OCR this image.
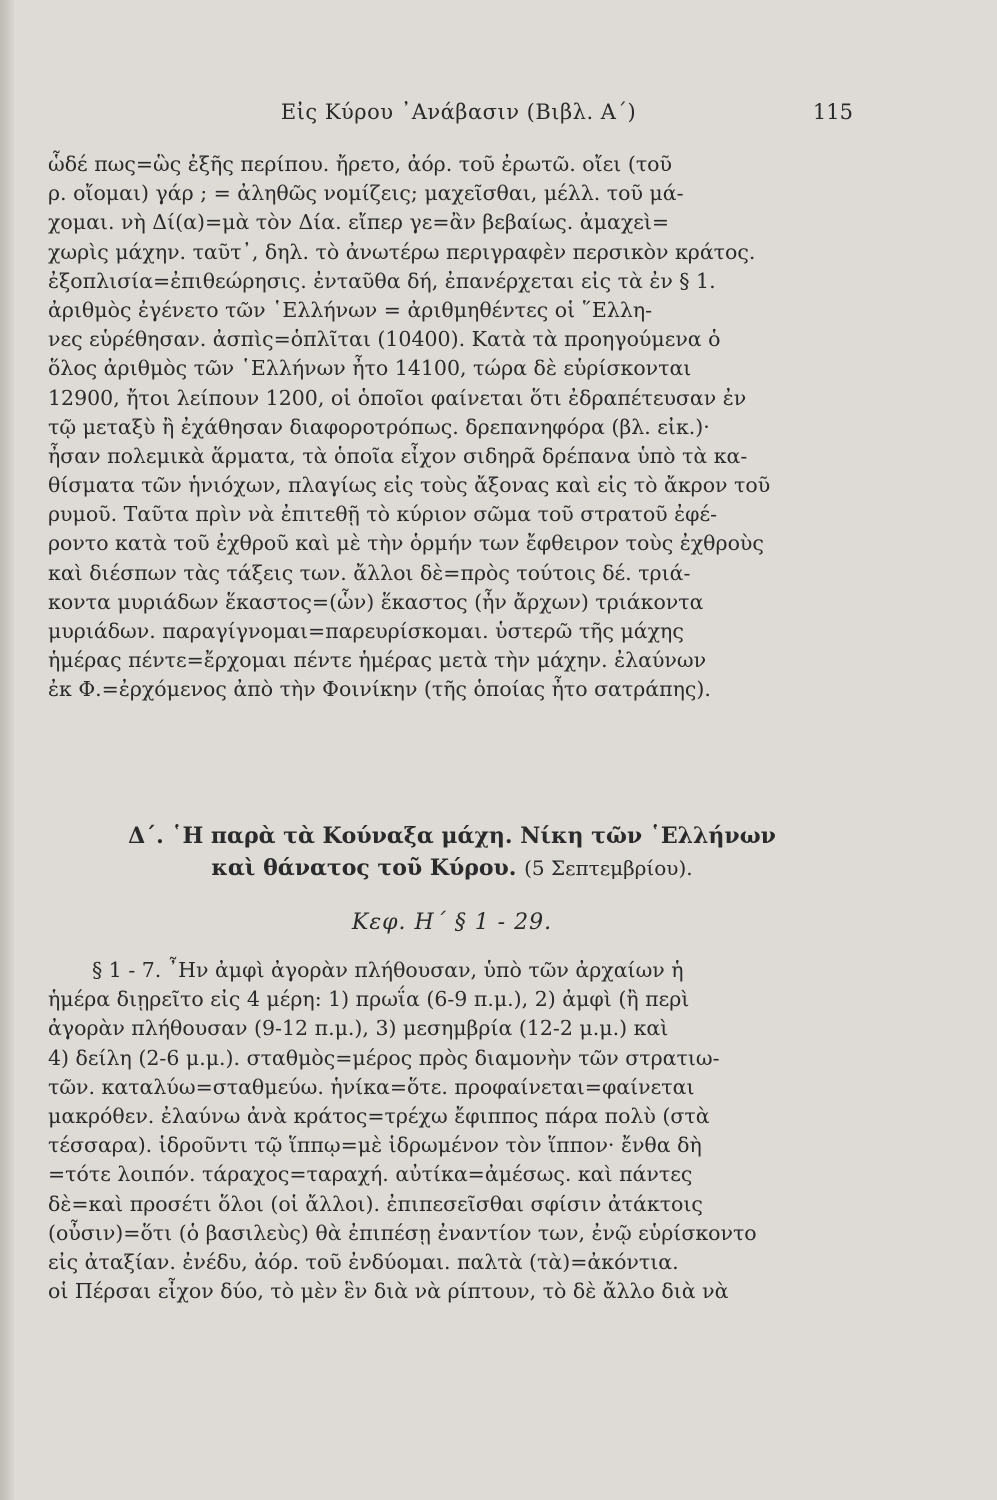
Εἰς Κύρου ᾿Ανάβασιν (Βιβλ. Α΄)	115
ὧδέ πως=ὣς ἐξῆς περίπου. ἤρετο, ἀόρ. τοῦ ἐρωτῶ. οἴει (τοῦ
ρ. οἴομαι) γάρ ; = ἀληθῶς νομίζεις; μαχεῖσθαι, μέλλ. τοῦ μά-
χομαι. νὴ Δί(α)=μὰ τὸν Δία. εἴπερ γε=ἂν βεβαίως. ἀμαχεὶ=
χωρὶς μάχην. ταῦτ᾿, δηλ. τὸ ἀνωτέρω περιγραφὲν περσικὸν κράτος.
ἐξοπλισία=ἐπιθεώρησις. ἐνταῦθα δή, ἐπανέρχεται εἰς τὰ ἐν § 1.
ἀριθμὸς ἐγένετο τῶν ῾Ελλήνων = ἀριθμηθέντες οἱ ῞Ελλη-
νες εὑρέθησαν. ἀσπὶς=ὁπλῖται (10400). Κατὰ τὰ προηγούμενα ὁ
ὅλος ἀριθμὸς τῶν ῾Ελλήνων ἦτο 14100, τώρα δὲ εὑρίσκονται
12900, ἤτοι λείπουν 1200, οἱ ὁποῖοι φαίνεται ὅτι ἐδραπέτευσαν ἐν
τῷ μεταξὺ ἢ ἐχάθησαν διαφοροτρόπως. δρεπανηφόρα (βλ. εἰκ.)·
ἦσαν πολεμικὰ ἅρματα, τὰ ὁποῖα εἶχον σιδηρᾶ δρέπανα ὑπὸ τὰ κα-
θίσματα τῶν ἡνιόχων, πλαγίως εἰς τοὺς ἄξονας καὶ εἰς τὸ ἄκρον τοῦ
ρυμοῦ. Ταῦτα πρὶν νὰ ἐπιτεθῇ τὸ κύριον σῶμα τοῦ στρατοῦ ἐφέ-
ροντο κατὰ τοῦ ἐχθροῦ καὶ μὲ τὴν ὁρμήν των ἔφθειρον τοὺς ἐχθροὺς
καὶ διέσπων τὰς τάξεις των. ἄλλοι δὲ=πρὸς τούτοις δέ. τριά-
κοντα μυριάδων ἕκαστος=(ὧν) ἕκαστος (ἦν ἄρχων) τριάκοντα
μυριάδων. παραγίγνομαι=παρευρίσκομαι. ὑστερῶ τῆς μάχης
ἡμέρας πέντε=ἔρχομαι πέντε ἡμέρας μετὰ τὴν μάχην. ἐλαύνων
ἐκ Φ.=ἐρχόμενος ἀπὸ τὴν Φοινίκην (τῆς ὁποίας ἦτο σατράπης).
Δ΄. ῾Η παρὰ τὰ Κούναξα μάχη. Νίκη τῶν ῾Ελλήνων
καὶ θάνατος τοῦ Κύρου. (5 Σεπτεμβρίου).
Κεφ. Η΄ § 1 - 29.
§ 1 - 7. ῏Ην ἀμφὶ ἀγορὰν πλήθουσαν, ὑπὸ τῶν ἀρχαίων ἡ
ἡμέρα διῃρεῖτο εἰς 4 μέρη: 1) πρωΐα (6-9 π.μ.), 2) ἀμφὶ (ἢ περὶ
ἀγορὰν πλήθουσαν (9-12 π.μ.), 3) μεσημβρία (12-2 μ.μ.) καὶ
4) δείλη (2-6 μ.μ.). σταθμὸς=μέρος πρὸς διαμονὴν τῶν στρατιω-
τῶν. καταλύω=σταθμεύω. ἡνίκα=ὅτε. προφαίνεται=φαίνεται
μακρόθεν. ἐλαύνω ἀνὰ κράτος=τρέχω ἔφιππος πάρα πολὺ (στὰ
τέσσαρα). ἱδροῦντι τῷ ἵππῳ=μὲ ἱδρωμένον τὸν ἵππον· ἔνθα δὴ
=τότε λοιπόν. τάραχος=ταραχή. αὐτίκα=ἀμέσως. καὶ πάντες
δὲ=καὶ προσέτι ὅλοι (οἱ ἄλλοι). ἐπιπεσεῖσθαι σφίσιν ἀτάκτοις
(οὖσιν)=ὅτι (ὁ βασιλεὺς) θὰ ἐπιπέσῃ ἐναντίον των, ἐνῷ εὑρίσκοντο
εἰς ἀταξίαν. ἐνέδυ, ἀόρ. τοῦ ἐνδύομαι. παλτὰ (τὰ)=ἀκόντια.
οἱ Πέρσαι εἶχον δύο, τὸ μὲν ἓν διὰ νὰ ρίπτουν, τὸ δὲ ἄλλο διὰ νὰ
